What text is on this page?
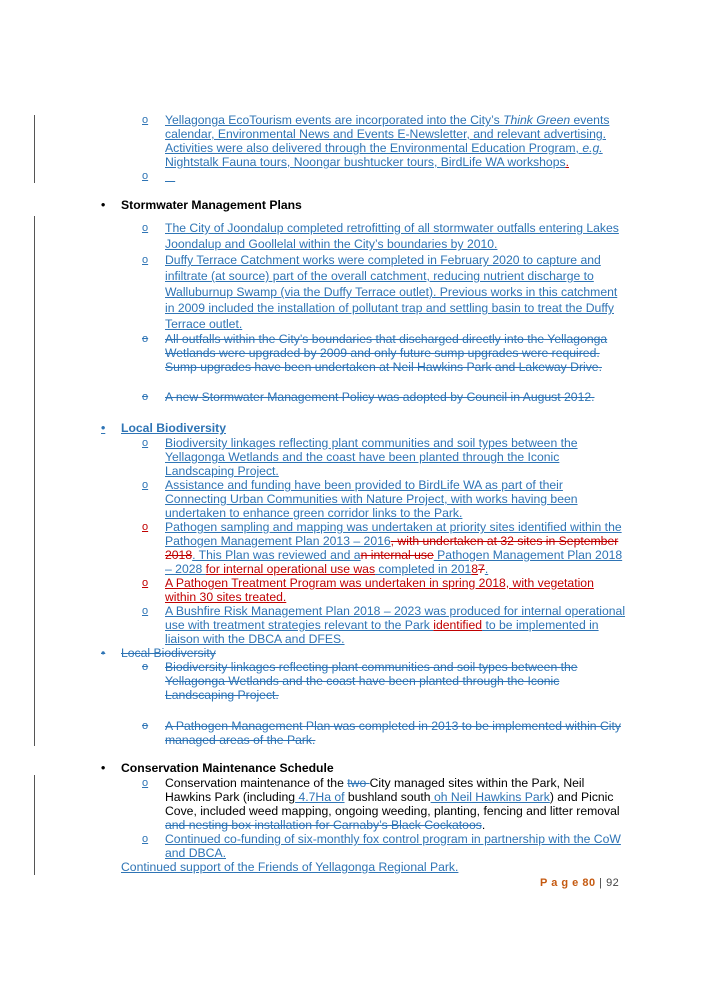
o Yellagonga EcoTourism events are incorporated into the City’s Think Green events calendar, Environmental News and Events E-Newsletter, and relevant advertising. Activities were also delivered through the Environmental Education Program, e.g. Nightstalk Fauna tours, Noongar bushtucker tours, BirdLife WA workshops.
o

• Stormwater Management Plans
o The City of Joondalup completed retrofitting of all stormwater outfalls entering Lakes Joondalup and Goollelal within the City’s boundaries by 2010.
o Duffy Terrace Catchment works were completed in February 2020 to capture and infiltrate (at source) part of the overall catchment, reducing nutrient discharge to Walluburnup Swamp (via the Duffy Terrace outlet). Previous works in this catchment in 2009 included the installation of pollutant trap and settling basin to treat the Duffy Terrace outlet.
o All outfalls within the City’s boundaries that discharged directly into the Yellagonga Wetlands were upgraded by 2009 and only future sump upgrades were required. Sump upgrades have been undertaken at Neil Hawkins Park and Lakeway Drive.
o A new Stormwater Management Policy was adopted by Council in August 2012.
• Local Biodiversity
o Biodiversity linkages reflecting plant communities and soil types between the Yellagonga Wetlands and the coast have been planted through the Iconic Landscaping Project.
o Assistance and funding have been provided to BirdLife WA as part of their Connecting Urban Communities with Nature Project, with works having been undertaken to enhance green corridor links to the Park.
o Pathogen sampling and mapping was undertaken at priority sites identified within the Pathogen Management Plan 2013 – 2016, with undertaken at 32 sites in September 2018. This Plan was reviewed and an internal use Pathogen Management Plan 2018 – 2028 for internal operational use was completed in 20187.
o A Pathogen Treatment Program was undertaken in spring 2018, with vegetation within 30 sites treated.
o A Bushfire Risk Management Plan 2018 – 2023 was produced for internal operational use with treatment strategies relevant to the Park identified to be implemented in liaison with the DBCA and DFES.
• Local Biodiversity
o Biodiversity linkages reflecting plant communities and soil types between the Yellagonga Wetlands and the coast have been planted through the Iconic Landscaping Project.
o A Pathogen Management Plan was completed in 2013 to be implemented within City managed areas of the Park.
• Conservation Maintenance Schedule
o Conservation maintenance of the two City managed sites within the Park, Neil Hawkins Park (including 4.7Ha of bushland south oh Neil Hawkins Park) and Picnic Cove, included weed mapping, ongoing weeding, planting, fencing and litter removal and nesting box installation for Carnaby’s Black Cockatoos.
o Continued co-funding of six-monthly fox control program in partnership with the CoW and DBCA.
Continued support of the Friends of Yellagonga Regional Park.
P a g e 80 | 92
